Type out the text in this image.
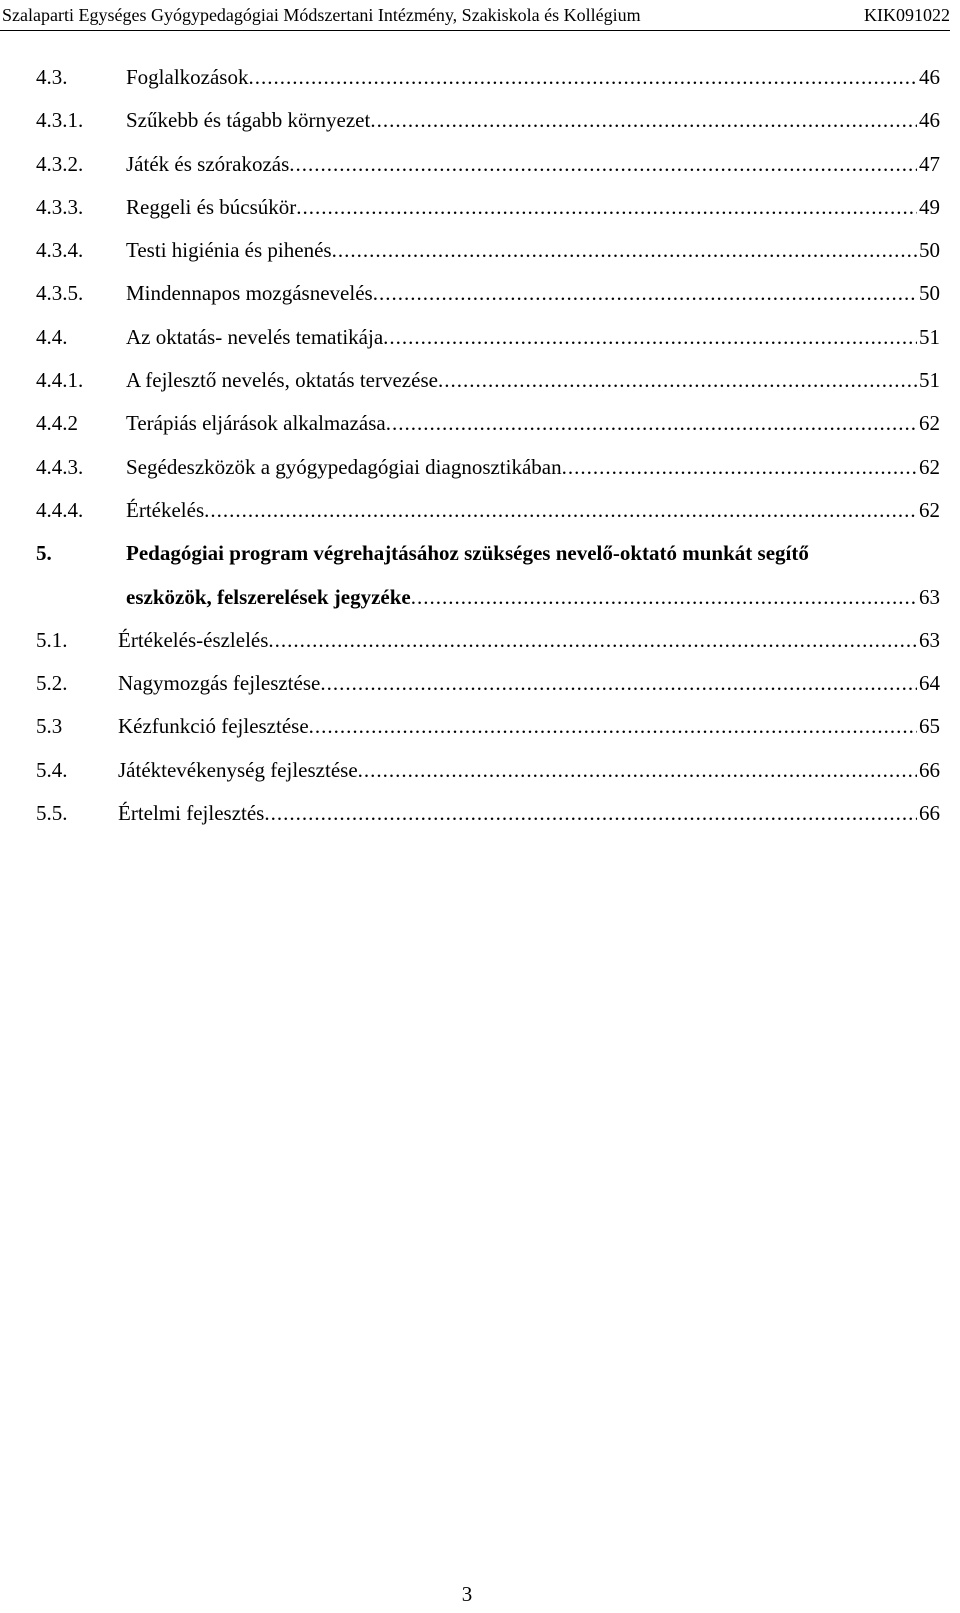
Szalaparti Egységes Gyógypedagógiai Módszertani Intézmény, Szakiskola és Kollégium	KIK091022
4.3.	Foglalkozások .....	46
4.3.1.	Szűkebb és tágabb környezet .....	46
4.3.2.	Játék és szórakozás .....	47
4.3.3.	Reggeli és búcsúkör .....	49
4.3.4.	Testi higiénia és pihenés .....	50
4.3.5.	Mindennapos mozgásnevelés .....	50
4.4.	Az oktatás- nevelés tematikája .....	51
4.4.1.	A fejlesztő nevelés, oktatás tervezése .....	51
4.4.2	Terápiás eljárások alkalmazása .....	62
4.4.3.	Segédeszközök a gyógypedagógiai diagnosztikában .....	62
4.4.4.	Értékelés .....	62
5.	Pedagógiai program végrehajtásához szükséges nevelő-oktató munkát segítő
eszközök, felszerelések jegyzéke .....	63
5.1.	Értékelés-észlelés .....	63
5.2.	Nagymozgás fejlesztése .....	64
5.3	Kézfunkció fejlesztése .....	65
5.4.	Játéktevékenység fejlesztése .....	66
5.5.	Értelmi fejlesztés .....	66
3
